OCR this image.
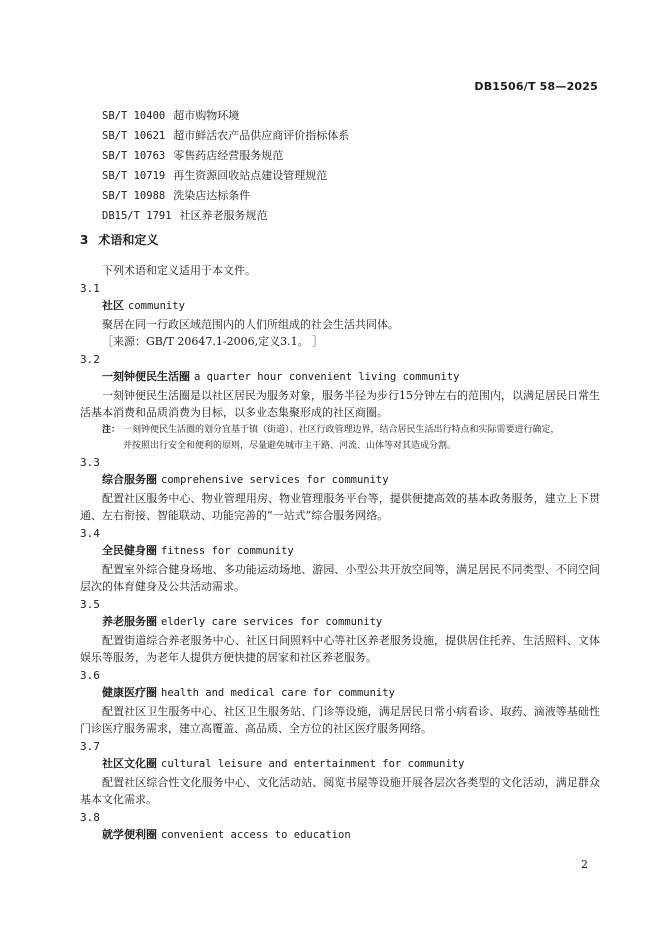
DB1506/T 58—2025
SB/T 10400 超市购物环境
SB/T 10621 超市鲜活农产品供应商评价指标体系
SB/T 10763 零售药店经营服务规范
SB/T 10719 再生资源回收站点建设管理规范
SB/T 10988 洗染店达标条件
DB15/T 1791 社区养老服务规范
3 术语和定义

下列术语和定义适用于本文件。

3.1

社区 community

聚居在同一行政区域范围内的人们所组成的社会生活共同体。

［来源：GB/T 20647.1-2006,定义3.1。 ］

3.2

一刻钟便民生活圈 a quarter hour convenient living community

一刻钟便民生活圈是以社区居民为服务对象，服务半径为步行15分钟左右的范围内，以满足居民日常生活基本消费和品质消费为目标，以多业态集聚形成的社区商圈。

注： 一刻钟便民生活圈的划分宜基于镇（街道）、社区行政管理边界，结合居民生活出行特点和实际需要进行确定，
并按照出行安全和便利的原则，尽量避免城市主干路、河流、山体等对其造成分割。

3.3

综合服务圈 comprehensive services for community

配置社区服务中心、物业管理用房、物业管理服务平台等，提供便捷高效的基本政务服务，建立上下贯通、左右衔接、智能联动、功能完善的“一站式”综合服务网络。

3.4

全民健身圈 fitness for community

配置室外综合健身场地、多功能运动场地、游园、小型公共开放空间等，满足居民不同类型、不同空间层次的体育健身及公共活动需求。

3.5

养老服务圈 elderly care services for community

配置街道综合养老服务中心、社区日间照料中心等社区养老服务设施，提供居住托养、生活照料、文体娱乐等服务，为老年人提供方便快捷的居家和社区养老服务。

3.6

健康医疗圈 health and medical care for community

配置社区卫生服务中心、社区卫生服务站、门诊等设施，满足居民日常小病看诊、取药、滴液等基础性门诊医疗服务需求，建立高覆盖、高品质、全方位的社区医疗服务网络。

3.7

社区文化圈 cultural leisure and entertainment for community

配置社区综合性文化服务中心、文化活动站、阅览书屋等设施开展各层次各类型的文化活动，满足群众基本文化需求。

3.8

就学便利圈 convenient access to education

2
